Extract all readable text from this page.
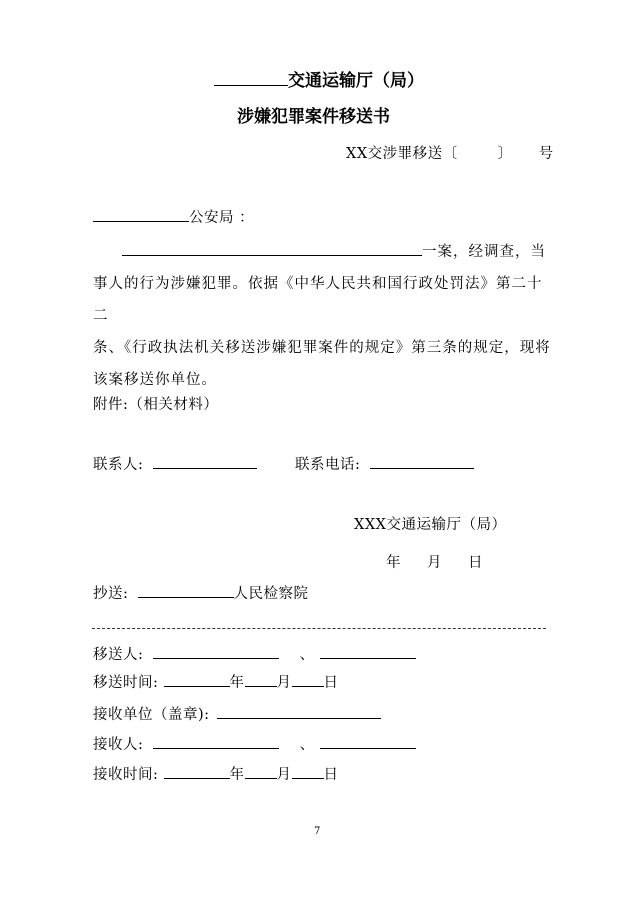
交通运输厅（局）
涉嫌犯罪案件移送书
XX交涉罪移送〔	〕 号
公安局 ：
一案，经调查，当
事人的行为涉嫌犯罪。依据《中华人民共和国行政处罚法》第二十二
条、《行政执法机关移送涉嫌犯罪案件的规定》第三条的规定，现将
该案移送你单位。
附件:（相关材料）
联系人:	联系电话:
XXX交通运输厅（局）
年 月 日
抄送:	人民检察院
移送人:	、
移送时间:	年 月 日
接收单位（盖章):
接收人:	、
接收时间:	年 月 日
7
